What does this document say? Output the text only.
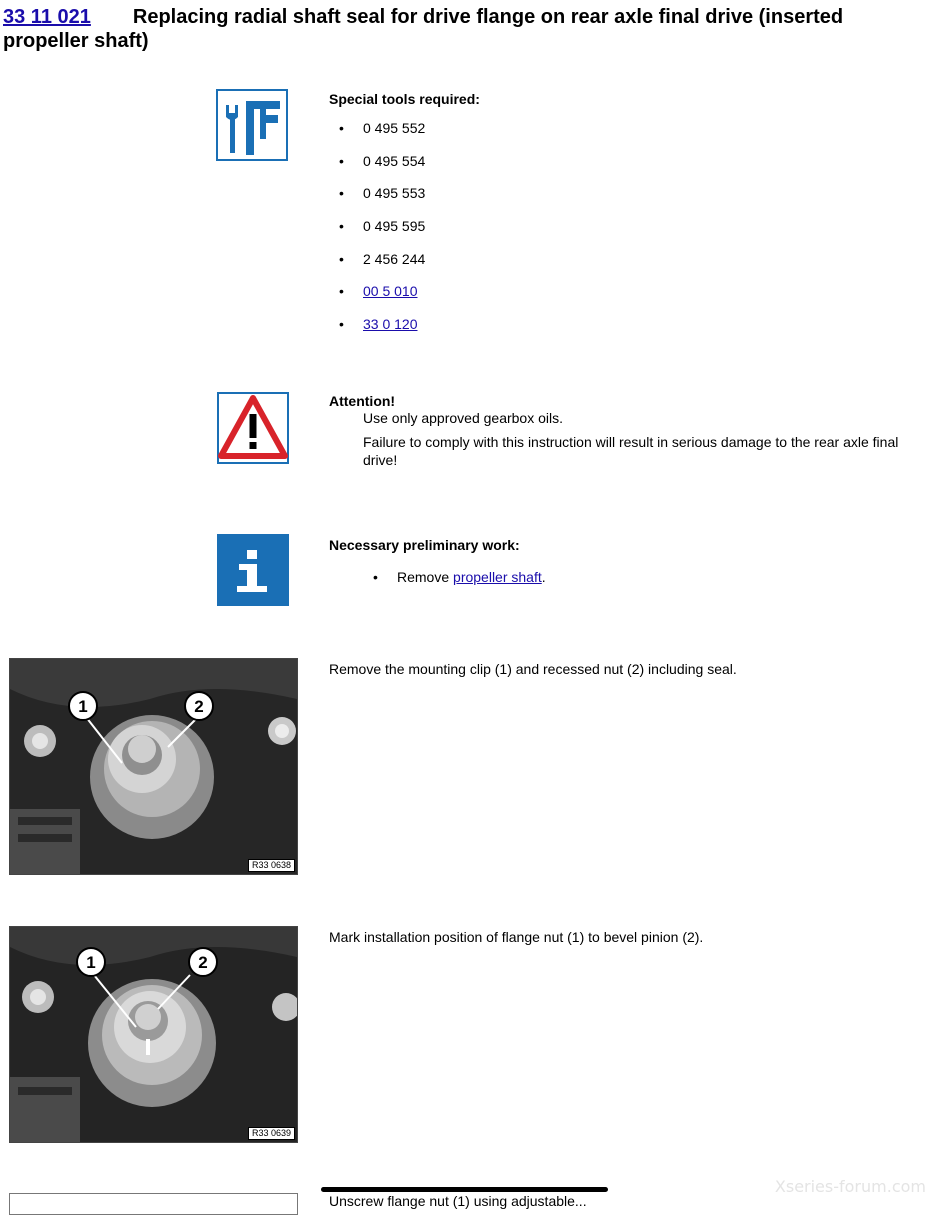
33 11 021 Replacing radial shaft seal for drive flange on rear axle final drive (inserted propeller shaft)
Special tools required:
• 0 495 552
• 0 495 554
• 0 495 553
• 0 495 595
• 2 456 244
• 00 5 010
• 33 0 120
Attention!
Use only approved gearbox oils.
Failure to comply with this instruction will result in serious damage to the rear axle final drive!
Necessary preliminary work:
• Remove propeller shaft.
1	2
R33 0638
Remove the mounting clip (1) and recessed nut (2) including seal.
1	2
R33 0639
Mark installation position of flange nut (1) to bevel pinion (2).
Unscrew flange nut (1) using adjustable...
Xseries-forum.com
